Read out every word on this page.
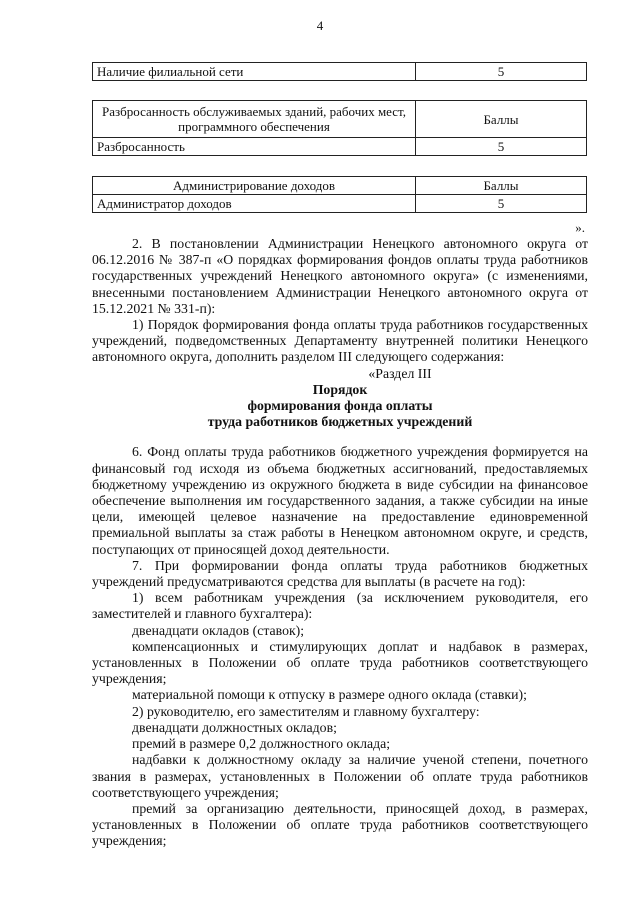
4
Наличие филиальной сети	5
Разбросанность обслуживаемых зданий, рабочих мест, программного обеспечения	Баллы
Разбросанность	5
Администрирование доходов	Баллы
Администратор доходов	5
».

2. В постановлении Администрации Ненецкого автономного округа от 06.12.2016 № 387-п «О порядках формирования фондов оплаты труда работников государственных учреждений Ненецкого автономного округа» (с изменениями, внесенными постановлением Администрации Ненецкого автономного округа от 15.12.2021 № 331-п):

1) Порядок формирования фонда оплаты труда работников государственных учреждений, подведомственных Департаменту внутренней политики Ненецкого автономного округа, дополнить разделом III следующего содержания:

«Раздел III

Порядок

формирования фонда оплаты

труда работников бюджетных учреждений

6. Фонд оплаты труда работников бюджетного учреждения формируется на финансовый год исходя из объема бюджетных ассигнований, предоставляемых бюджетному учреждению из окружного бюджета в виде субсидии на финансовое обеспечение выполнения им государственного задания, а также субсидии на иные цели, имеющей целевое назначение на предоставление единовременной премиальной выплаты за стаж работы в Ненецком автономном округе, и средств, поступающих от приносящей доход деятельности.

7. При формировании фонда оплаты труда работников бюджетных учреждений предусматриваются средства для выплаты (в расчете на год):

1) всем работникам учреждения (за исключением руководителя, его заместителей и главного бухгалтера):

двенадцати окладов (ставок);

компенсационных и стимулирующих доплат и надбавок в размерах, установленных в Положении об оплате труда работников соответствующего учреждения;

материальной помощи к отпуску в размере одного оклада (ставки);

2) руководителю, его заместителям и главному бухгалтеру:

двенадцати должностных окладов;

премий в размере 0,2 должностного оклада;

надбавки к должностному окладу за наличие ученой степени, почетного звания в размерах, установленных в Положении об оплате труда работников соответствующего учреждения;

премий за организацию деятельности, приносящей доход, в размерах, установленных в Положении об оплате труда работников соответствующего учреждения;
